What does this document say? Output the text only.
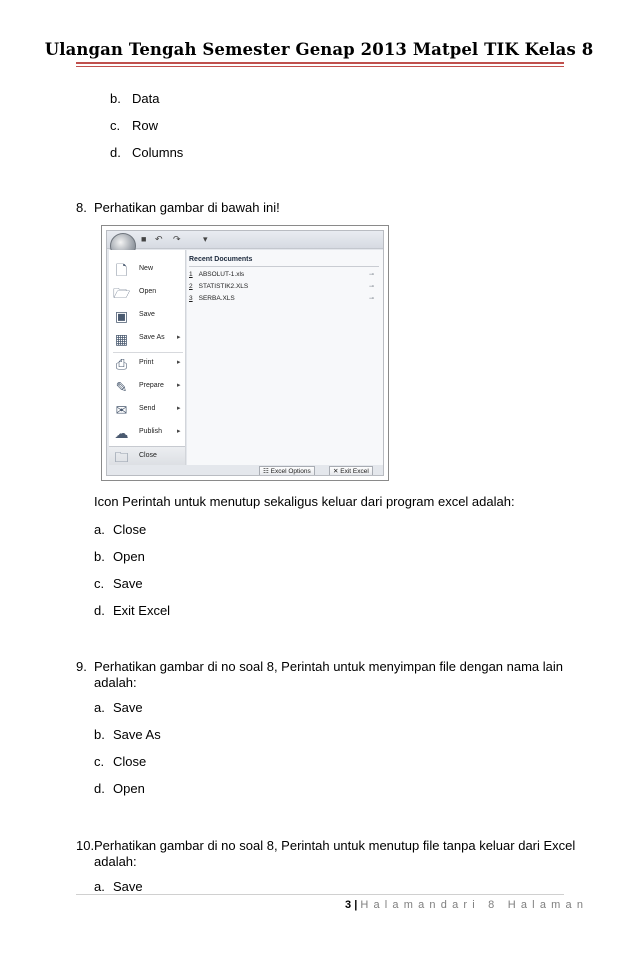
Ulangan Tengah Semester Genap 2013 Matpel TIK Kelas 8
b. Data
c. Row
d. Columns
8. Perhatikan gambar di bawah ini!
■ ↶ ↷ ▾
🗋	New
🗁 Open
▣ Save
▦ Save As ▸
⎙	Print	▸
✎	Prepare ▸
✉	Send	▸
☁ Publish ▸
🗀 Close
Recent Documents
1 ABSOLUT-1.xls	⊸
2 STATISTIK2.XLS	⊸
3 SERBA.XLS	⊸
☷ Excel Options	✕ Exit Excel
Icon Perintah untuk menutup sekaligus keluar dari program excel adalah:
a. Close
b. Open
c. Save
d. Exit Excel
9. Perhatikan gambar di no soal 8, Perintah untuk menyimpan file dengan nama lain
adalah:
a. Save
b. Save As
c. Close
d. Open
10. Perhatikan gambar di no soal 8, Perintah untuk menutup file tanpa keluar dari Excel
adalah:
a. Save
3 | Halamandari 8 Halaman
